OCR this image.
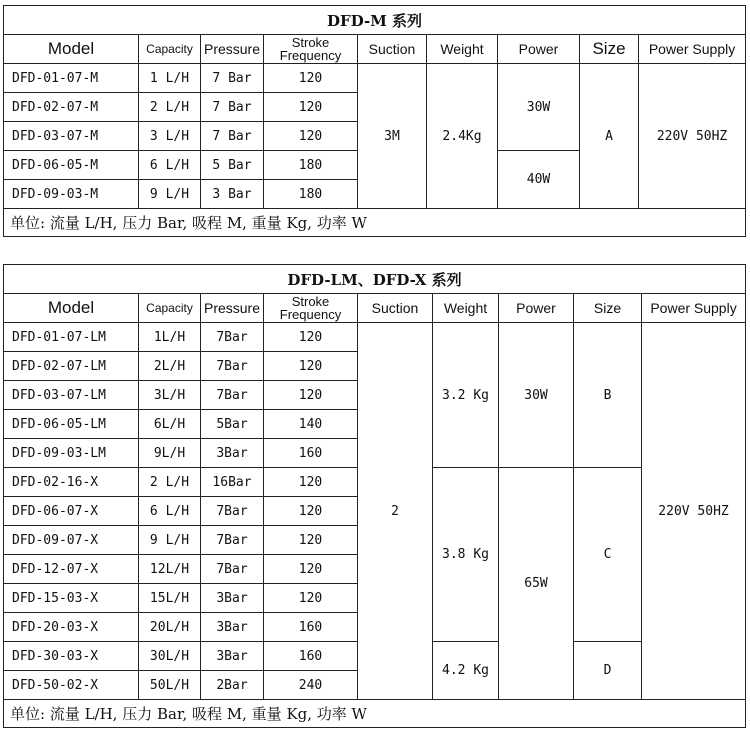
DFD-M 系列								
Model	Capacity	Pressure	Stroke Frequency	Suction	Weight	Power	Size	Power Supply
DFD-01-07-M	1 L/H	7 Bar	120	3M	2.4Kg	30W	A	220V 50HZ
DFD-02-07-M	2 L/H	7 Bar	120					
DFD-03-07-M	3 L/H	7 Bar	120					
DFD-06-05-M	6 L/H	5 Bar	180			40W		
DFD-09-03-M	9 L/H	3 Bar	180					
单位: 流量 L/H, 压力 Bar, 吸程 M, 重量 Kg, 功率 W								
DFD-LM、DFD-X 系列								
Model	Capacity	Pressure	Stroke Frequency	Suction	Weight	Power	Size	Power Supply
DFD-01-07-LM	1L/H	7Bar	120	2	3.2 Kg	30W	B	220V 50HZ
DFD-02-07-LM	2L/H	7Bar	120					
DFD-03-07-LM	3L/H	7Bar	120					
DFD-06-05-LM	6L/H	5Bar	140					
DFD-09-03-LM	9L/H	3Bar	160					
DFD-02-16-X	2 L/H	16Bar	120		3.8 Kg	65W	C	
DFD-06-07-X	6 L/H	7Bar	120					
DFD-09-07-X	9 L/H	7Bar	120					
DFD-12-07-X	12L/H	7Bar	120					
DFD-15-03-X	15L/H	3Bar	120					
DFD-20-03-X	20L/H	3Bar	160					
DFD-30-03-X	30L/H	3Bar	160		4.2 Kg		D	
DFD-50-02-X	50L/H	2Bar	240					
单位: 流量 L/H, 压力 Bar, 吸程 M, 重量 Kg, 功率 W								
